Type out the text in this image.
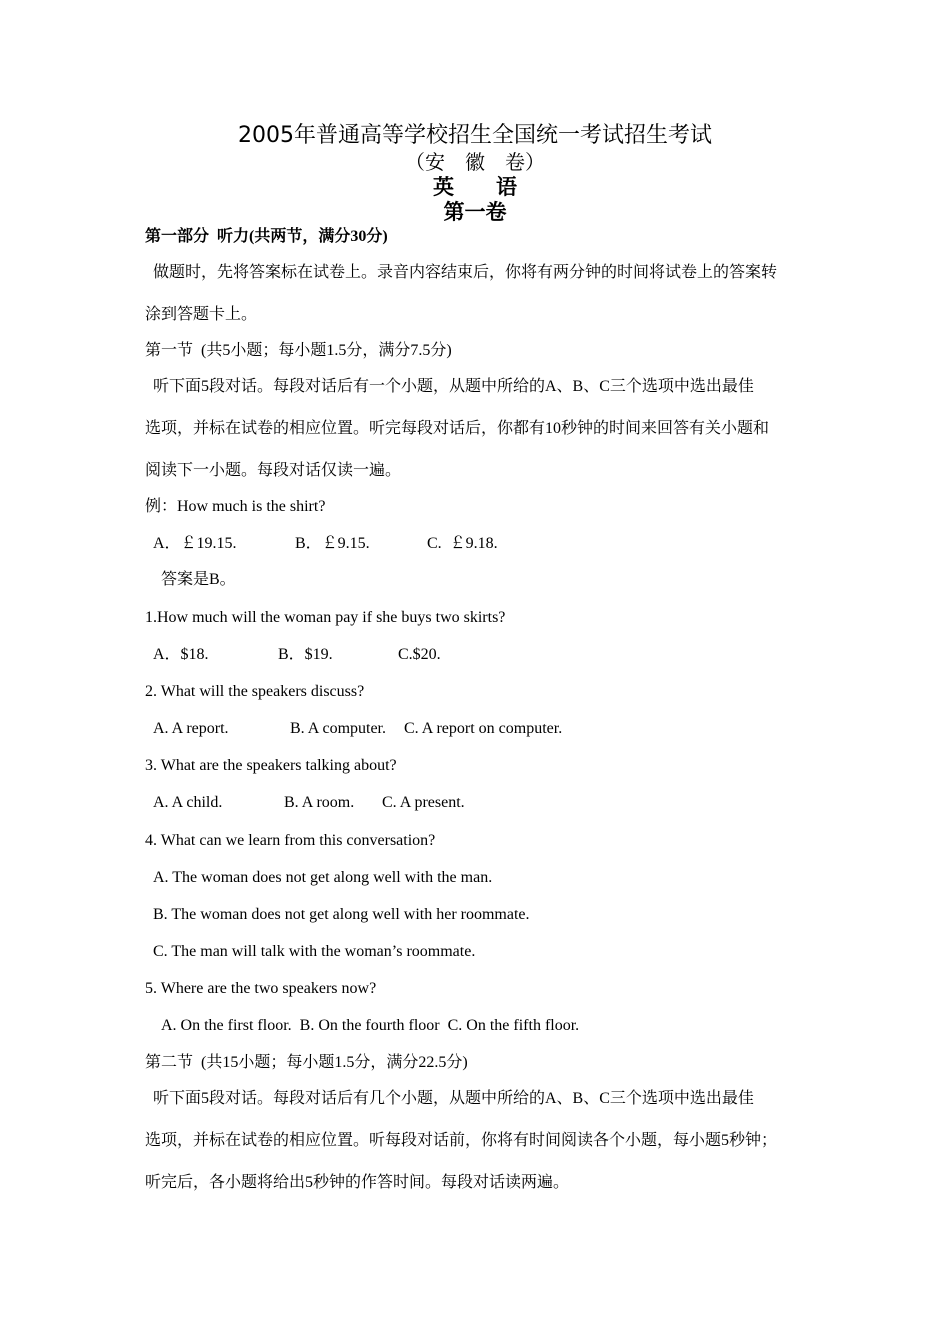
2005年普通高等学校招生全国统一考试招生考试
（安　徽　卷）
英　　语
第一卷
第一部分  听力(共两节，满分30分)
做题时，先将答案标在试卷上。录音内容结束后，你将有两分钟的时间将试卷上的答案转
涂到答题卡上。
第一节  (共5小题；每小题1.5分，满分7.5分)
听下面5段对话。每段对话后有一个小题，从题中所给的A、B、C三个选项中选出最佳
选项，并标在试卷的相应位置。听完每段对话后，你都有10秒钟的时间来回答有关小题和
阅读下一小题。每段对话仅读一遍。
例：How much is the shirt?
A．￡19.15.	B．￡9.15.	C.  ￡9.18.
答案是B。
1.How much will the woman pay if she buys two skirts?
A．$18.	B．$19.	C.$20.
2. What will the speakers discuss?
A. A report.	B. A computer. C. A report on computer.
3. What are the speakers talking about?
A. A child.	B. A room. C. A present.
4. What can we learn from this conversation?
A. The woman does not get along well with the man.
B. The woman does not get along well with her roommate.
C. The man will talk with the woman’s roommate.
5. Where are the two speakers now?
A. On the first floor.  B. On the fourth floor  C. On the fifth floor.
第二节  (共15小题；每小题1.5分，满分22.5分)
听下面5段对话。每段对话后有几个小题，从题中所给的A、B、C三个选项中选出最佳
选项，并标在试卷的相应位置。听每段对话前，你将有时间阅读各个小题，每小题5秒钟；
听完后，各小题将给出5秒钟的作答时间。每段对话读两遍。
